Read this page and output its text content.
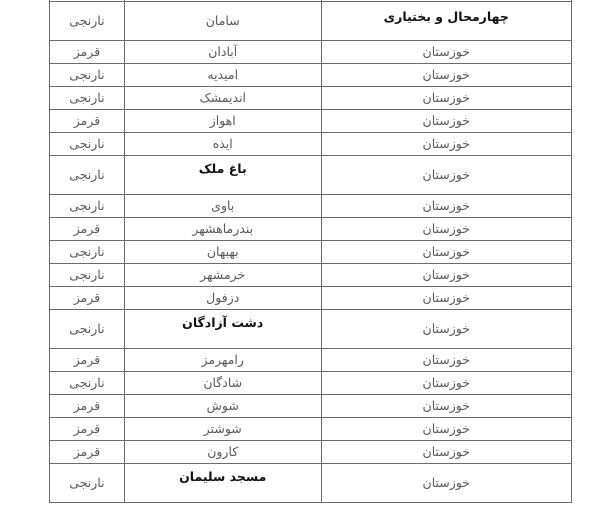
چهارمحال و بختیاری	سامان	نارنجی
خوزستان	آبادان	قرمز
خوزستان	امیدیه	نارنجی
خوزستان	اندیمشک	نارنجی
خوزستان	اهواز	قرمز
خوزستان	ایذه	نارنجی
خوزستان	باغ ملک	نارنجی
خوزستان	باوی	نارنجی
خوزستان	بندرماهشهر	قرمز
خوزستان	بهبهان	نارنجی
خوزستان	خرمشهر	نارنجی
خوزستان	دزفول	قرمز
خوزستان	دشت آزادگان	نارنجی
خوزستان	رامهرمز	قرمز
خوزستان	شادگان	نارنجی
خوزستان	شوش	قرمز
خوزستان	شوشتر	قرمز
خوزستان	کارون	قرمز
خوزستان	مسجد سلیمان	نارنجی
